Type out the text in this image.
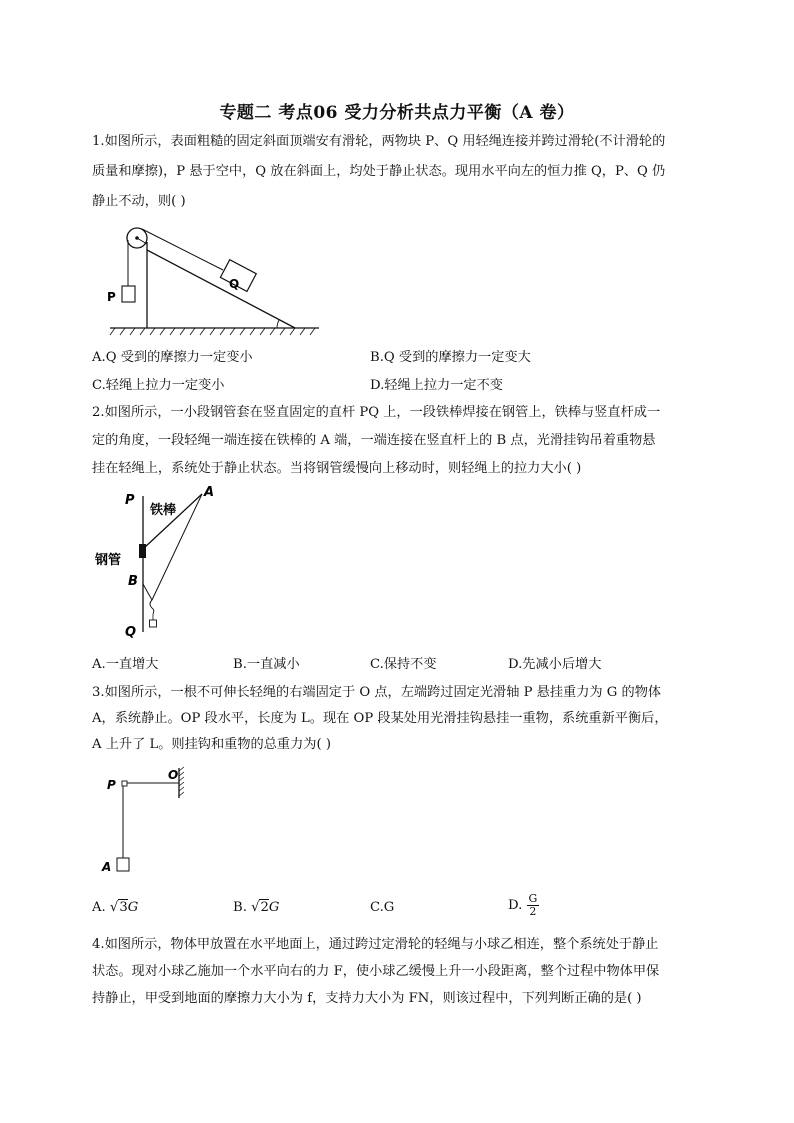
专题二 考点06 受力分析共点力平衡（A 卷）
1.如图所示，表面粗糙的固定斜面顶端安有滑轮，两物块 P、Q 用轻绳连接并跨过滑轮(不计滑轮的
质量和摩擦)，P 悬于空中，Q 放在斜面上，均处于静止状态。现用水平向左的恒力推 Q，P、Q 仍
静止不动，则( )
P
Q
A.Q 受到的摩擦力一定变小	B.Q 受到的摩擦力一定变大
C.轻绳上拉力一定变小	D.轻绳上拉力一定不变
2.如图所示，一小段钢管套在竖直固定的直杆 PQ 上，一段铁棒焊接在钢管上，铁棒与竖直杆成一
定的角度，一段轻绳一端连接在铁棒的 A 端，一端连接在竖直杆上的 B 点，光滑挂钩吊着重物悬
挂在轻绳上，系统处于静止状态。当将钢管缓慢向上移动时，则轻绳上的拉力大小( )
P
A
铁棒
钢管
B
Q
A.一直增大	B.一直减小	C.保持不变	D.先减小后增大
3.如图所示，一根不可伸长轻绳的右端固定于 O 点，左端跨过固定光滑轴 P 悬挂重力为 G 的物体
A，系统静止。OP 段水平，长度为 L。现在 OP 段某处用光滑挂钩悬挂一重物，系统重新平衡后，
A 上升了 L。则挂钩和重物的总重力为( )
P
O
A
A. √3G	B. √2G	C.G	D. $\frac{G}{2}$
4.如图所示，物体甲放置在水平地面上，通过跨过定滑轮的轻绳与小球乙相连，整个系统处于静止
状态。现对小球乙施加一个水平向右的力 F，使小球乙缓慢上升一小段距离，整个过程中物体甲保
持静止，甲受到地面的摩擦力大小为 f，支持力大小为 FN，则该过程中，下列判断正确的是( )
